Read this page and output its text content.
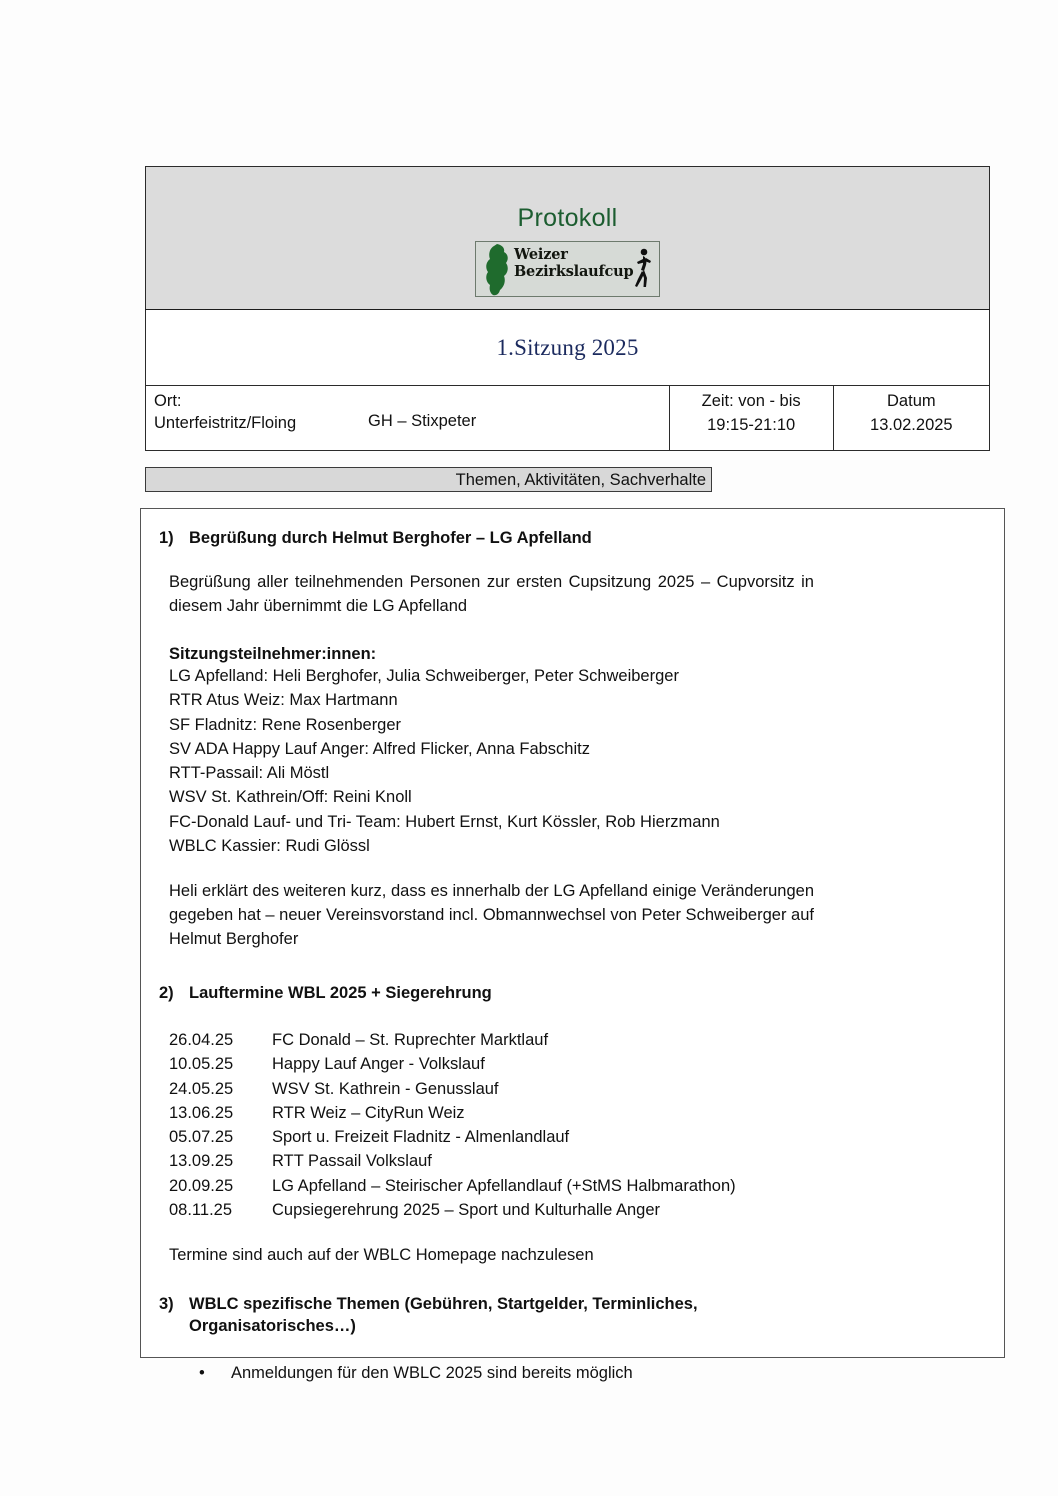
Protokoll
Weizer
Bezirkslaufcup

1.Sitzung 2025

Ort:
Unterfeistritz/Floing	GH – Stixpeter

Zeit: von - bis
19:15-21:10

Datum
13.02.2025
Themen, Aktivitäten, Sachverhalte
1) Begrüßung durch Helmut Berghofer – LG Apfelland
Begrüßung aller teilnehmenden Personen zur ersten Cupsitzung 2025 – Cupvorsitz in diesem Jahr übernimmt die LG Apfelland
Sitzungsteilnehmer:innen:
LG Apfelland: Heli Berghofer, Julia Schweiberger, Peter Schweiberger
RTR Atus Weiz: Max Hartmann
SF Fladnitz: Rene Rosenberger
SV ADA Happy Lauf Anger: Alfred Flicker, Anna Fabschitz
RTT-Passail: Ali Möstl
WSV St. Kathrein/Off: Reini Knoll
FC-Donald Lauf- und Tri- Team: Hubert Ernst, Kurt Kössler, Rob Hierzmann
WBLC Kassier: Rudi Glössl
Heli erklärt des weiteren kurz, dass es innerhalb der LG Apfelland einige Veränderungen gegeben hat – neuer Vereinsvorstand incl. Obmannwechsel von Peter Schweiberger auf Helmut Berghofer
2) Lauftermine WBL 2025 + Siegerehrung
26.04.25	FC Donald – St. Ruprechter Marktlauf
10.05.25	Happy Lauf Anger - Volkslauf
24.05.25	WSV St. Kathrein - Genusslauf
13.06.25	RTR Weiz – CityRun Weiz
05.07.25	Sport u. Freizeit Fladnitz - Almenlandlauf
13.09.25	RTT Passail Volkslauf
20.09.25	LG Apfelland – Steirischer Apfellandlauf (+StMS Halbmarathon)
08.11.25	Cupsiegerehrung 2025 – Sport und Kulturhalle Anger
Termine sind auch auf der WBLC Homepage nachzulesen
3) WBLC spezifische Themen (Gebühren, Startgelder, Terminliches, Organisatorisches…)
•	Anmeldungen für den WBLC 2025 sind bereits möglich
